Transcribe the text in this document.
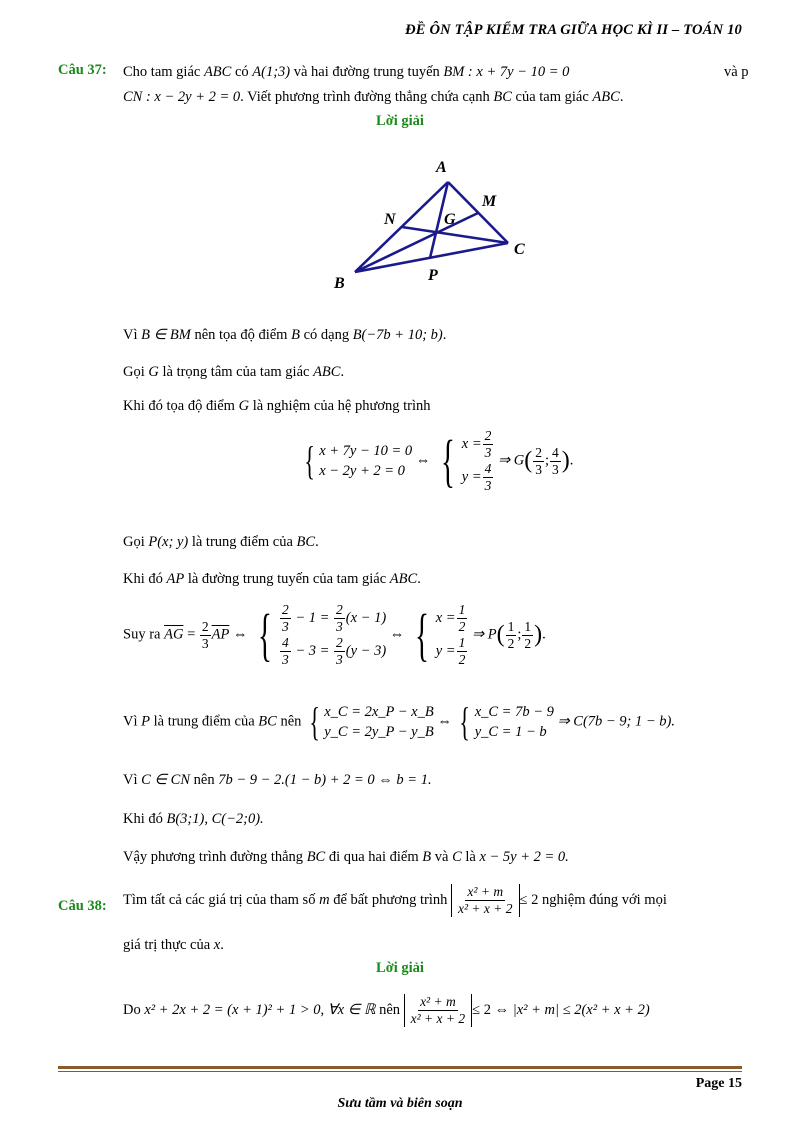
ĐỀ ÔN TẬP KIỂM TRA GIỮA HỌC KÌ II – TOÁN 10
Câu 37: Cho tam giác ABC có A(1;3) và hai đường trung tuyến BM : x + 7y − 10 = 0	và p
CN : x − 2y + 2 = 0. Viết phương trình đường thẳng chứa cạnh BC của tam giác ABC.
Lời giải
A
M
N	G
C
B	P
Vì B ∈ BM nên tọa độ điểm B có dạng B(−7b + 10; b).
Gọi G là trọng tâm của tam giác ABC.
Khi đó tọa độ điểm G là nghiệm của hệ phương trình
{ x + 7y − 10 = 0
x − 2y + 2 = 0
⇔ { $x = \frac{2}{3}$
$y = \frac{4}{3}$
⇒ $G( \frac{2}{3}$ ; $\frac{4}{3}$ ).
Gọi P(x; y) là trung điểm của BC.
Khi đó AP là đường trung tuyến của tam giác ABC.
Suy ra $\overline{AG} = \frac{2}{3} \overline{AP}$ ⇔ { $\frac{2}{3} - 1 = \frac{2}{3} (x - 1)$
$\frac{4}{3} - 3 = \frac{2}{3} (y - 3)$
⇔ { $x = \frac{1}{2}$
$y = \frac{1}{2}$
⇒ $P( \frac{1}{2}$ ; $\frac{1}{2}$ ).
Vì P là trung điểm của BC nên { x_C = 2x_P − x_B
y_C = 2y_P − y_B
⇔ { x_C = 7b − 9
y_C = 1 − b
⇒ C(7b − 9; 1 − b).
Vì C ∈ CN nên 7b − 9 − 2.(1 − b) + 2 = 0 ⇔ b = 1.
Khi đó B(3;1), C(−2;0).
Vậy phương trình đường thẳng BC đi qua hai điểm B và C là x − 5y + 2 = 0.
Câu 38: Tìm tất cả các giá trị của tham số m để bất phương trình $\frac{\text{x² + m}}{\text{x² + x + 2}} \le 2$ nghiệm đúng với mọi
giá trị thực của x.
Lời giải
Do x² + 2x + 2 = (x + 1)² + 1 > 0, ∀x ∈ ℝ nên $\frac{\text{x² + m}}{\text{x² + x + 2}} \le 2$ ⇔ |x² + m| ≤ 2(x² + x + 2)
Page 15
Sưu tầm và biên soạn
